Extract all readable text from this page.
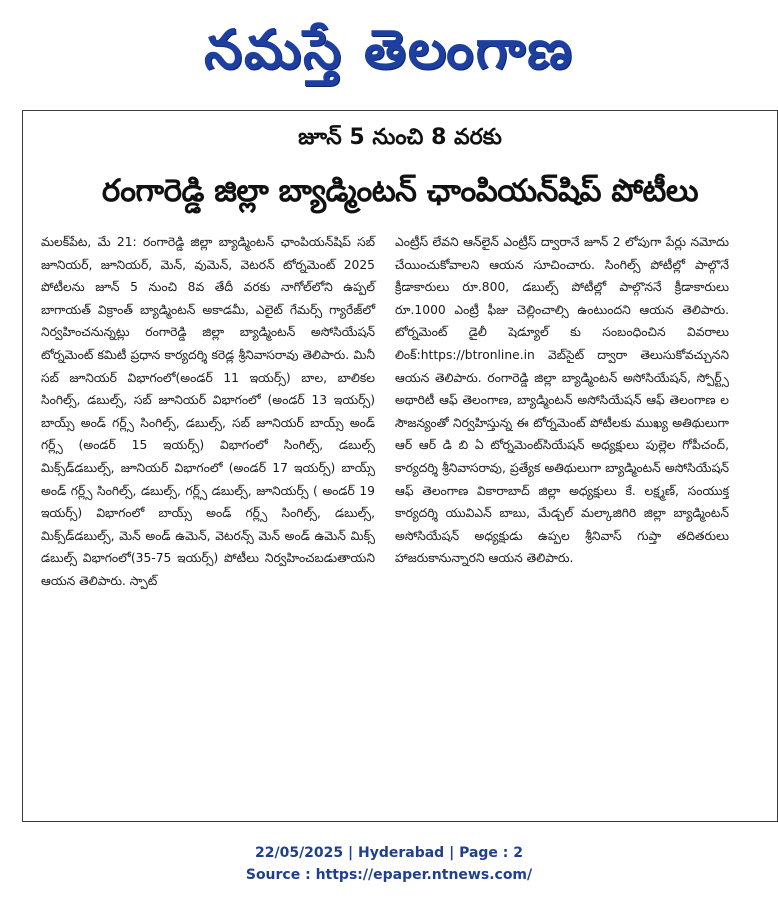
నమస్తే తెలంగాణ
జూన్ 5 నుంచి 8 వరకు
రంగారెడ్డి జిల్లా బ్యాడ్మింటన్ ఛాంపియన్‌షిప్ పోటీలు

మలక్‌పేట, మే 21: రంగారెడ్డి జిల్లా బ్యాడ్మింటన్ ఛాంపియన్‌షిప్ సబ్ జూనియర్, జూనియర్, మెన్, వుమెన్, వెటరన్ టోర్నమెంట్ 2025 పోటీలను జూన్ 5 నుంచి 8వ తేదీ వరకు నాగోల్‌లోని ఉప్పల్ బాగాయత్ విక్రాంత్ బ్యాడ్మింటన్ అకాడమీ, ఎలైట్ గేమర్స్ గ్యారేజ్‌లో నిర్వహించనున్నట్లు రంగారెడ్డి జిల్లా బ్యాడ్మింటన్ అసోసియేషన్ టోర్నమెంట్ కమిటీ ప్రధాన కార్యదర్శి కరెడ్ల శ్రీనివాసరావు తెలిపారు. మినీ సబ్ జూనియర్ విభాగంలో(అండర్ 11 ఇయర్స్) బాల, బాలికల సింగిల్స్, డబుల్స్, సబ్ జూనియర్ విభాగంలో (అండర్ 13 ఇయర్స్) బాయ్స్ అండ్ గర్ల్స్ సింగిల్స్, డబుల్స్, సబ్ జూనియర్ బాయ్స్ అండ్ గర్ల్స్ (అండర్ 15 ఇయర్స్) విభాగంలో సింగిల్స్, డబుల్స్ మిక్స్‌డ్‌డబుల్స్, జూనియర్ విభాగంలో (అండర్ 17 ఇయర్స్) బాయ్స్ అండ్ గర్ల్స్ సింగిల్స్, డబుల్స్, గర్ల్స్ డబుల్స్, జూనియర్స్ ( అండర్ 19 ఇయర్స్) విభాగంలో బాయ్స్ అండ్ గర్ల్స్ సింగిల్స్, డబుల్స్, మిక్స్‌డ్‌డబుల్స్, మెన్ అండ్ ఉమెన్, వెటరన్స్ మెన్ అండ్ ఉమెన్ మిక్స్ డబుల్స్ విభాగంలో(35-75 ఇయర్స్) పోటీలు నిర్వహించబడుతాయని ఆయన తెలిపారు. స్పాట్

ఎంట్రీస్ లేవని ఆన్‌లైన్ ఎంట్రీస్ ద్వారానే జూన్ 2 లోపుగా పేర్లు నమోదు చేయించుకోవాలని ఆయన సూచించారు. సింగిల్స్ పోటీల్లో పాల్గొనే క్రీడాకారులు రూ.800, డబుల్స్ పోటీల్లో పాల్గొననే క్రీడాకారులు రూ.1000 ఎంట్రీ ఫీజు చెల్లించాల్సి ఉంటుందని ఆయన తెలిపారు. టోర్నమెంట్ డైలీ షెడ్యూల్ కు సంబంధించిన వివరాలు లింక్:https://btronline.in వెబ్‌సైట్ ద్వారా తెలుసుకోవచ్చునని ఆయన తెలిపారు. రంగారెడ్డి జిల్లా బ్యాడ్మింటన్ అసోసియేషన్, స్పోర్ట్స్ అథారిటీ ఆఫ్ తెలంగాణ, బ్యాడ్మింటన్ అసోసియేషన్ ఆఫ్ తెలంగాణ ల సౌజన్యంతో నిర్వహిస్తున్న ఈ టోర్నమెంట్ పోటీలకు ముఖ్య అతిథులుగా ఆర్ ఆర్ డి బి ఏ టోర్నమెంట్‌సియేషన్ అధ్యక్షులు పుల్లెల గోపీచంద్, కార్యదర్శి శ్రీనివాసరావు, ప్రత్యేక అతిథులుగా బ్యాడ్మింటన్ అసోసియేషన్ ఆఫ్ తెలంగాణ వికారాబాద్ జిల్లా అధ్యక్షులు కే. లక్ష్మణ్, సంయుక్త కార్యదర్శి యువిఎన్ బాబు, మేడ్చల్ మల్కాజిగిరి జిల్లా బ్యాడ్మింటన్ అసోసియేషన్ అధ్యక్షుడు ఉప్పల శ్రీనివాస్ గుప్తా తదితరులు హాజరుకానున్నారని ఆయన తెలిపారు.

22/05/2025 | Hyderabad | Page : 2
Source : https://epaper.ntnews.com/
